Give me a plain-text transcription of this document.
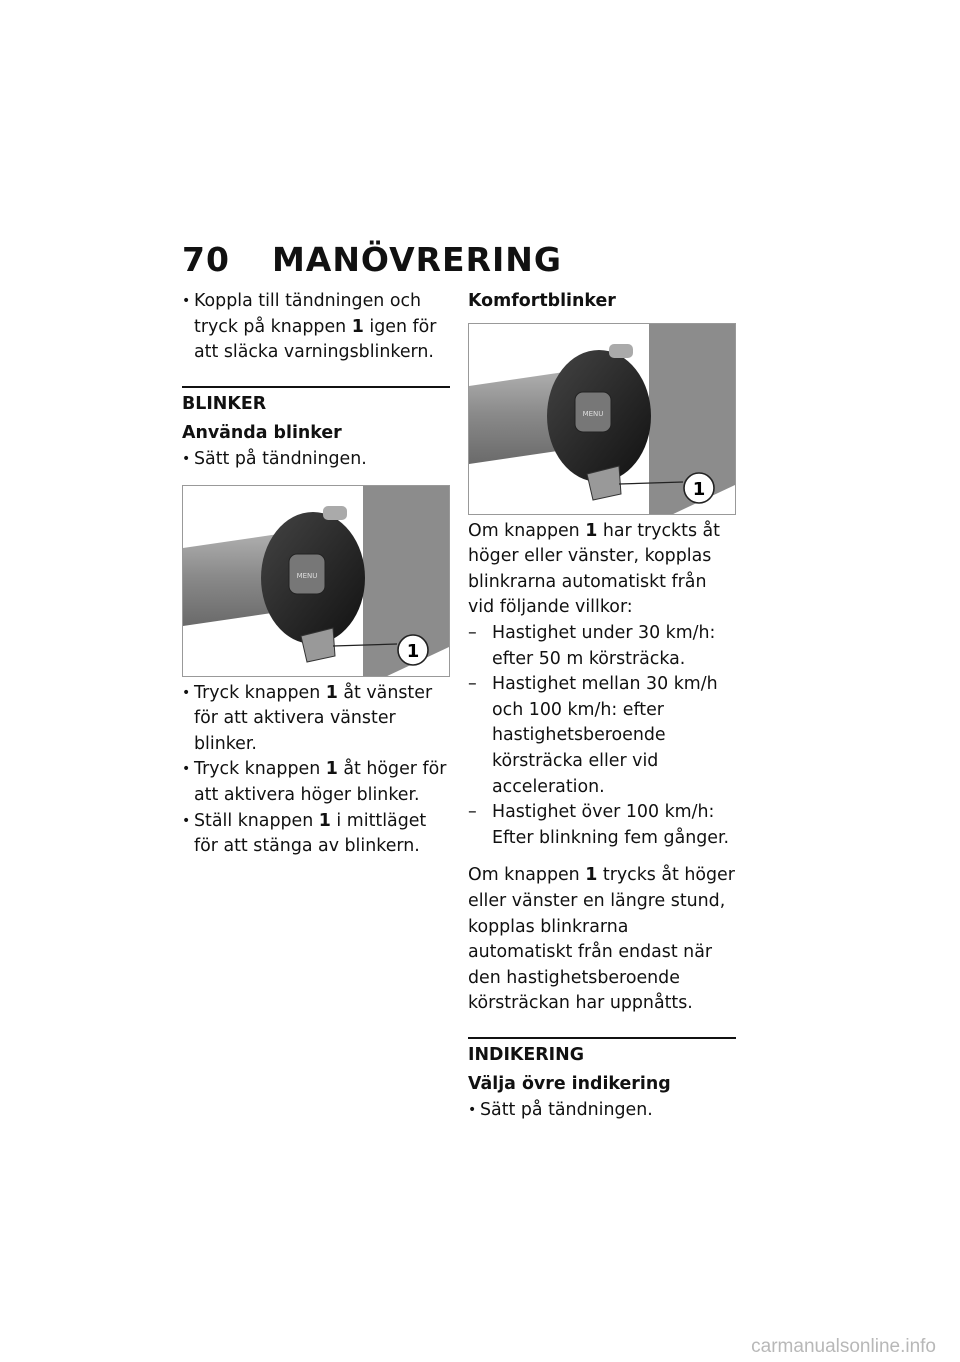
70 MANÖVRERING
• Koppla till tändningen och tryck på knappen 1 igen för att släcka varningsblinkern.
BLINKER
Använda blinker
• Sätt på tändningen.
MENU
1
• Tryck knappen 1 åt vänster för att aktivera vänster blinker.
• Tryck knappen 1 åt höger för att aktivera höger blinker.
• Ställ knappen 1 i mittläget för att stänga av blinkern.
Komfortblinker
MENU
1
Om knappen 1 har tryckts åt höger eller vänster, kopplas blinkrarna automatiskt från vid följande villkor:
– Hastighet under 30 km/h: efter 50 m körsträcka.
– Hastighet mellan 30 km/h och 100 km/h: efter hastighetsberoende körsträcka eller vid acceleration.
– Hastighet över 100 km/h: Efter blinkning fem gånger.
Om knappen 1 trycks åt höger eller vänster en längre stund, kopplas blinkrarna automatiskt från endast när den hastighetsberoende körsträckan har uppnåtts.
INDIKERING
Välja övre indikering
• Sätt på tändningen.
carmanualsonline.info
